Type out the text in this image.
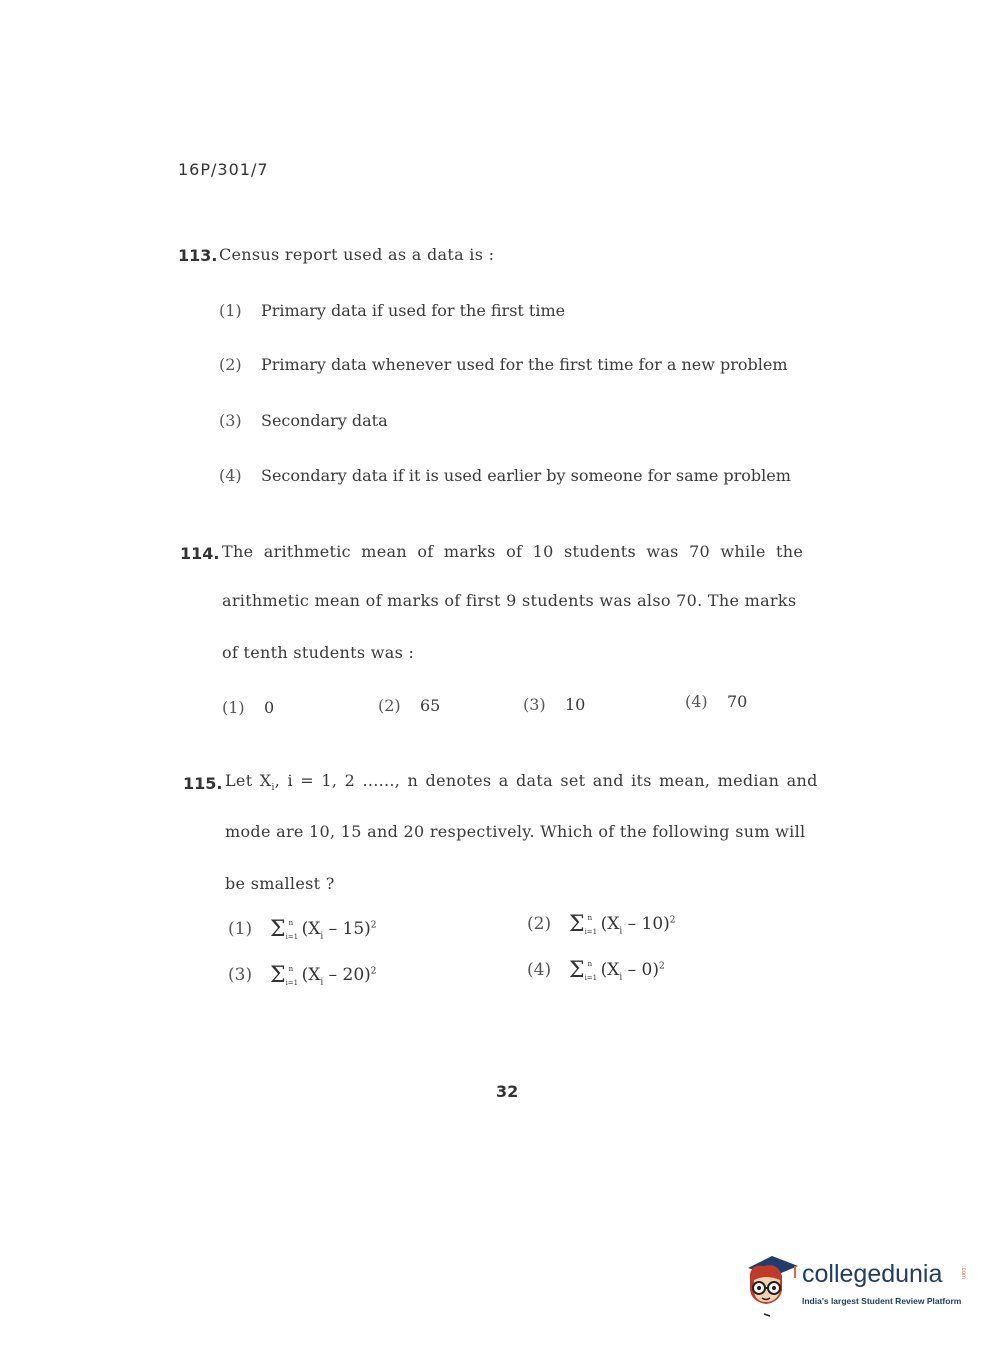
16P/301/7
113. Census report used as a data is :
(1) Primary data if used for the first time
(2) Primary data whenever used for the first time for a new problem
(3) Secondary data
(4) Secondary data if it is used earlier by someone for same problem
114. The arithmetic mean of marks of 10 students was 70 while the
arithmetic mean of marks of first 9 students was also 70. The marks
of tenth students was :
(1) 0	(2) 65	(3) 10	(4) 70
115. Let $X_i$, i = 1, 2 ......, n denotes a data set and its mean, median and
mode are 10, 15 and 20 respectively. Which of the following sum will
be smallest ?
(1) Σ n
i=1 $(X_i - 15)^2$	(2) Σ n
i=1 $(X_i - 10)^2$
(3) Σ n
i=1 $(X_i - 20)^2$	(4) Σ n
i=1 $(X_i - 0)^2$
32
collegedunia	.com
India's largest Student Review Platform
